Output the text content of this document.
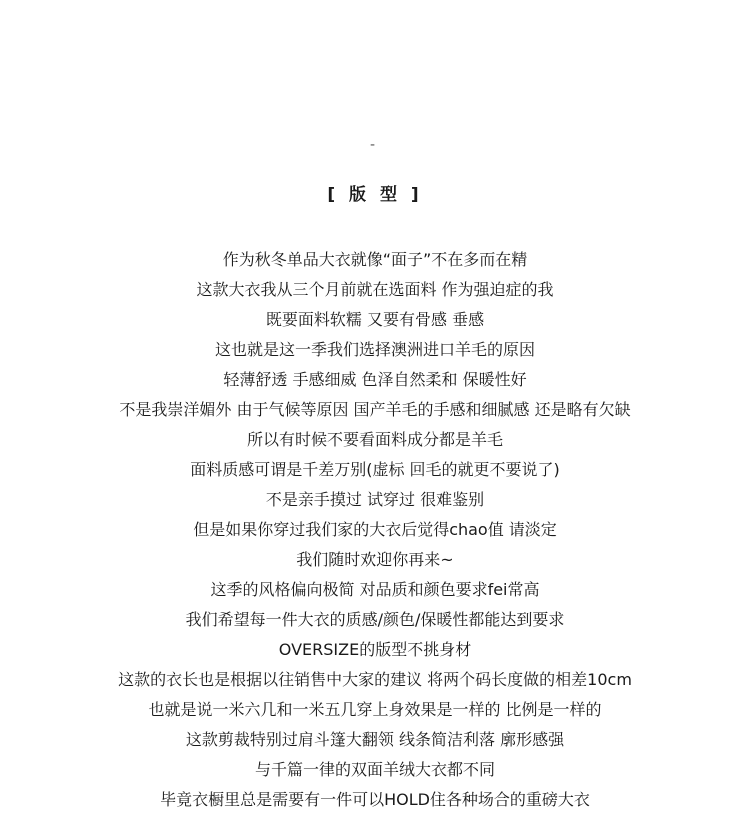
-
[ 版 型 ]
作为秋冬单品大衣就像“面子”不在多而在精
这款大衣我从三个月前就在选面料 作为强迫症的我
既要面料软糯 又要有骨感 垂感
这也就是这一季我们选择澳洲进口羊毛的原因
轻薄舒透 手感细威 色泽自然柔和 保暖性好
不是我崇洋媚外 由于气候等原因 国产羊毛的手感和细腻感 还是略有欠缺
所以有时候不要看面料成分都是羊毛
面料质感可谓是千差万别(虚标 回毛的就更不要说了)
不是亲手摸过 试穿过 很难鉴别
但是如果你穿过我们家的大衣后觉得chao值 请淡定
我们随时欢迎你再来~
这季的风格偏向极简 对品质和颜色要求fei常高
我们希望每一件大衣的质感/颜色/保暖性都能达到要求
OVERSIZE的版型不挑身材
这款的衣长也是根据以往销售中大家的建议 将两个码长度做的相差10cm
也就是说一米六几和一米五几穿上身效果是一样的 比例是一样的
这款剪裁特别过肩斗篷大翻领 线条简洁利落 廓形感强
与千篇一律的双面羊绒大衣都不同
毕竟衣橱里总是需要有一件可以HOLD住各种场合的重磅大衣
